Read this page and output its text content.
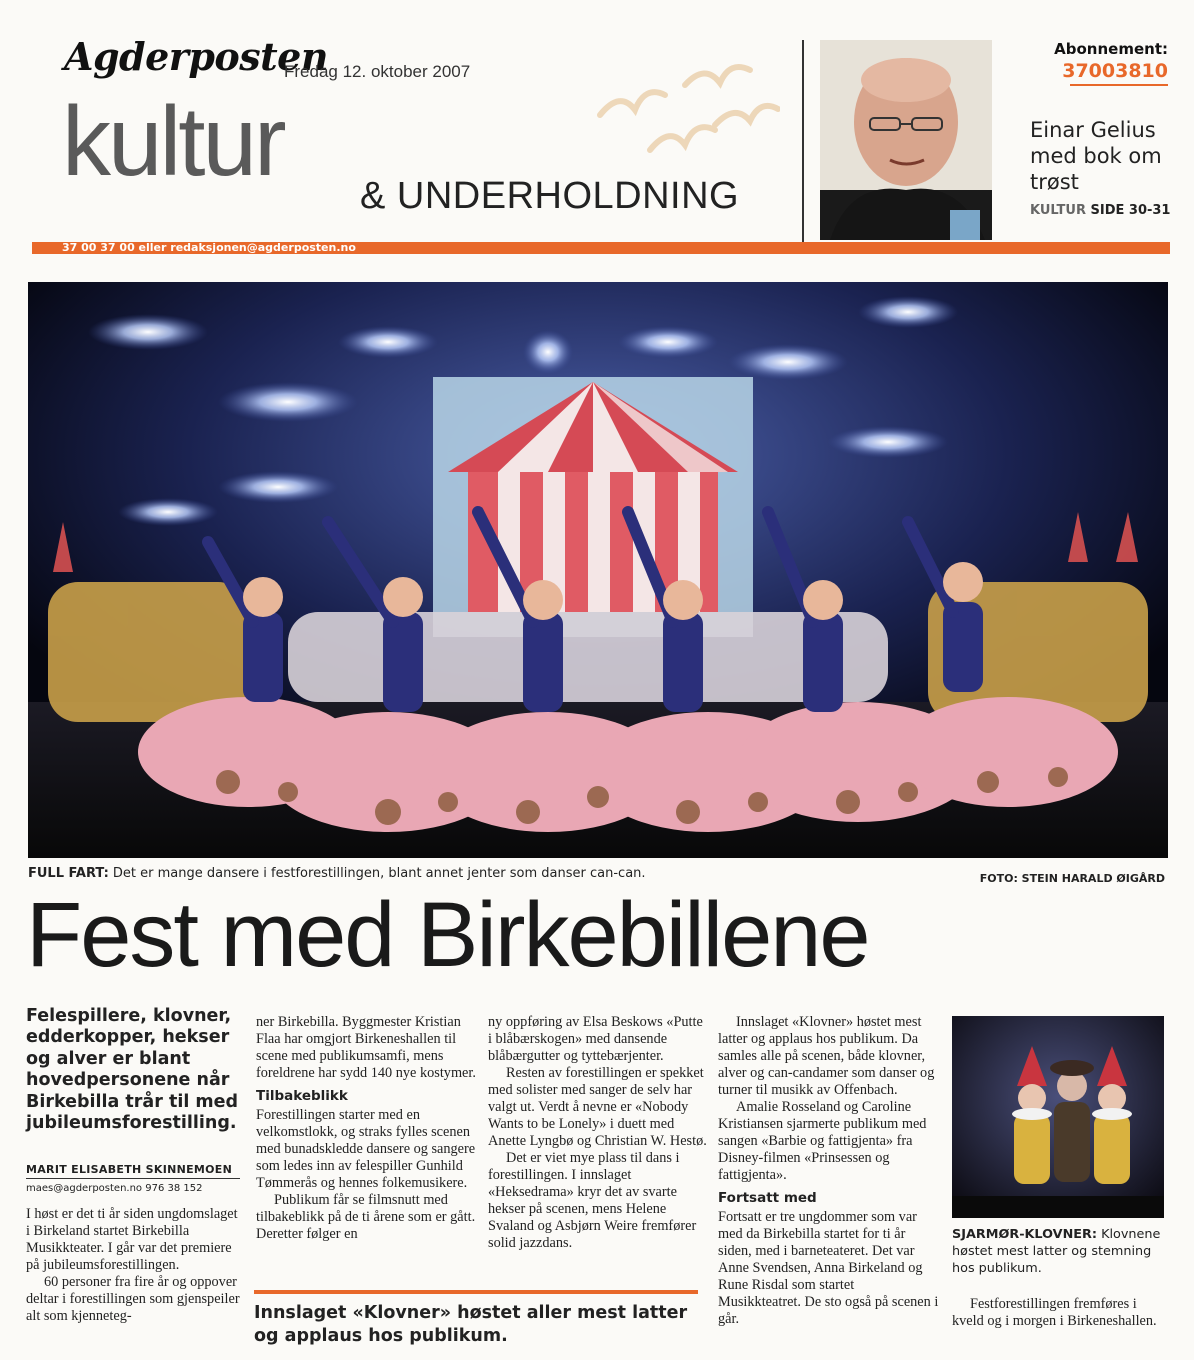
Agderposten
Fredag 12. oktober 2007
kultur & UNDERHOLDNING
37 00 37 00 eller redaksjonen@agderposten.no
Abonnement:
37003810
Einar Gelius med bok om trøst
KULTUR SIDE 30-31
FULL FART: Det er mange dansere i festforestillingen, blant annet jenter som danser can-can.	FOTO: STEIN HARALD ØIGÅRD
Fest med Birkebillene
Felespillere, klovner, edderkopper, hekser og alver er blant hovedpersonene når Birkebilla trår til med jubileumsforestilling.
MARIT ELISABETH SKINNEMOEN
maes@agderposten.no 976 38 152

I høst er det ti år siden ungdomslaget i Birkeland startet Birkebilla Musikkteater. I går var det premiere på jubileumsforestillingen.

60 personer fra fire år og oppover deltar i forestillingen som gjenspeiler alt som kjenneteg-

ner Birkebilla. Byggmester Kristian Flaa har omgjort Birkeneshallen til scene med publikumsamfi, mens foreldrene har sydd 140 nye kostymer.

Tilbakeblikk

Forestillingen starter med en velkomstlokk, og straks fylles scenen med bunadskledde dansere og sangere som ledes inn av felespiller Gunhild Tømmerås og hennes folkemusikere.

Publikum får se filmsnutt med tilbakeblikk på de ti årene som er gått. Deretter følger en

ny oppføring av Elsa Beskows «Putte i blåbærskogen» med dansende blåbærgutter og tyttebærjenter.

Resten av forestillingen er spekket med solister med sanger de selv har valgt ut. Verdt å nevne er «Nobody Wants to be Lonely» i duett med Anette Lyngbø og Christian W. Hestø.

Det er viet mye plass til dans i forestillingen. I innslaget «Heksedrama» kryr det av svarte hekser på scenen, mens Helene Svaland og Asbjørn Weire fremfører solid jazzdans.

Innslaget «Klovner» høstet aller mest latter og applaus hos publikum.

Innslaget «Klovner» høstet mest latter og applaus hos publikum. Da samles alle på scenen, både klovner, alver og can-candamer som danser og turner til musikk av Offenbach.

Amalie Rosseland og Caroline Kristiansen sjarmerte publikum med sangen «Barbie og fattigjenta» fra Disney-filmen «Prinsessen og fattigjenta».

Fortsatt med

Fortsatt er tre ungdommer som var med da Birkebilla startet for ti år siden, med i barneteateret. Det var Anne Svendsen, Anna Birkeland og Rune Risdal som startet Musikkteatret. De sto også på scenen i går.

SJARMØR-KLOVNER: Klovnene høstet mest latter og stemning hos publikum.

Festforestillingen fremføres i kveld og i morgen i Birkeneshallen.
